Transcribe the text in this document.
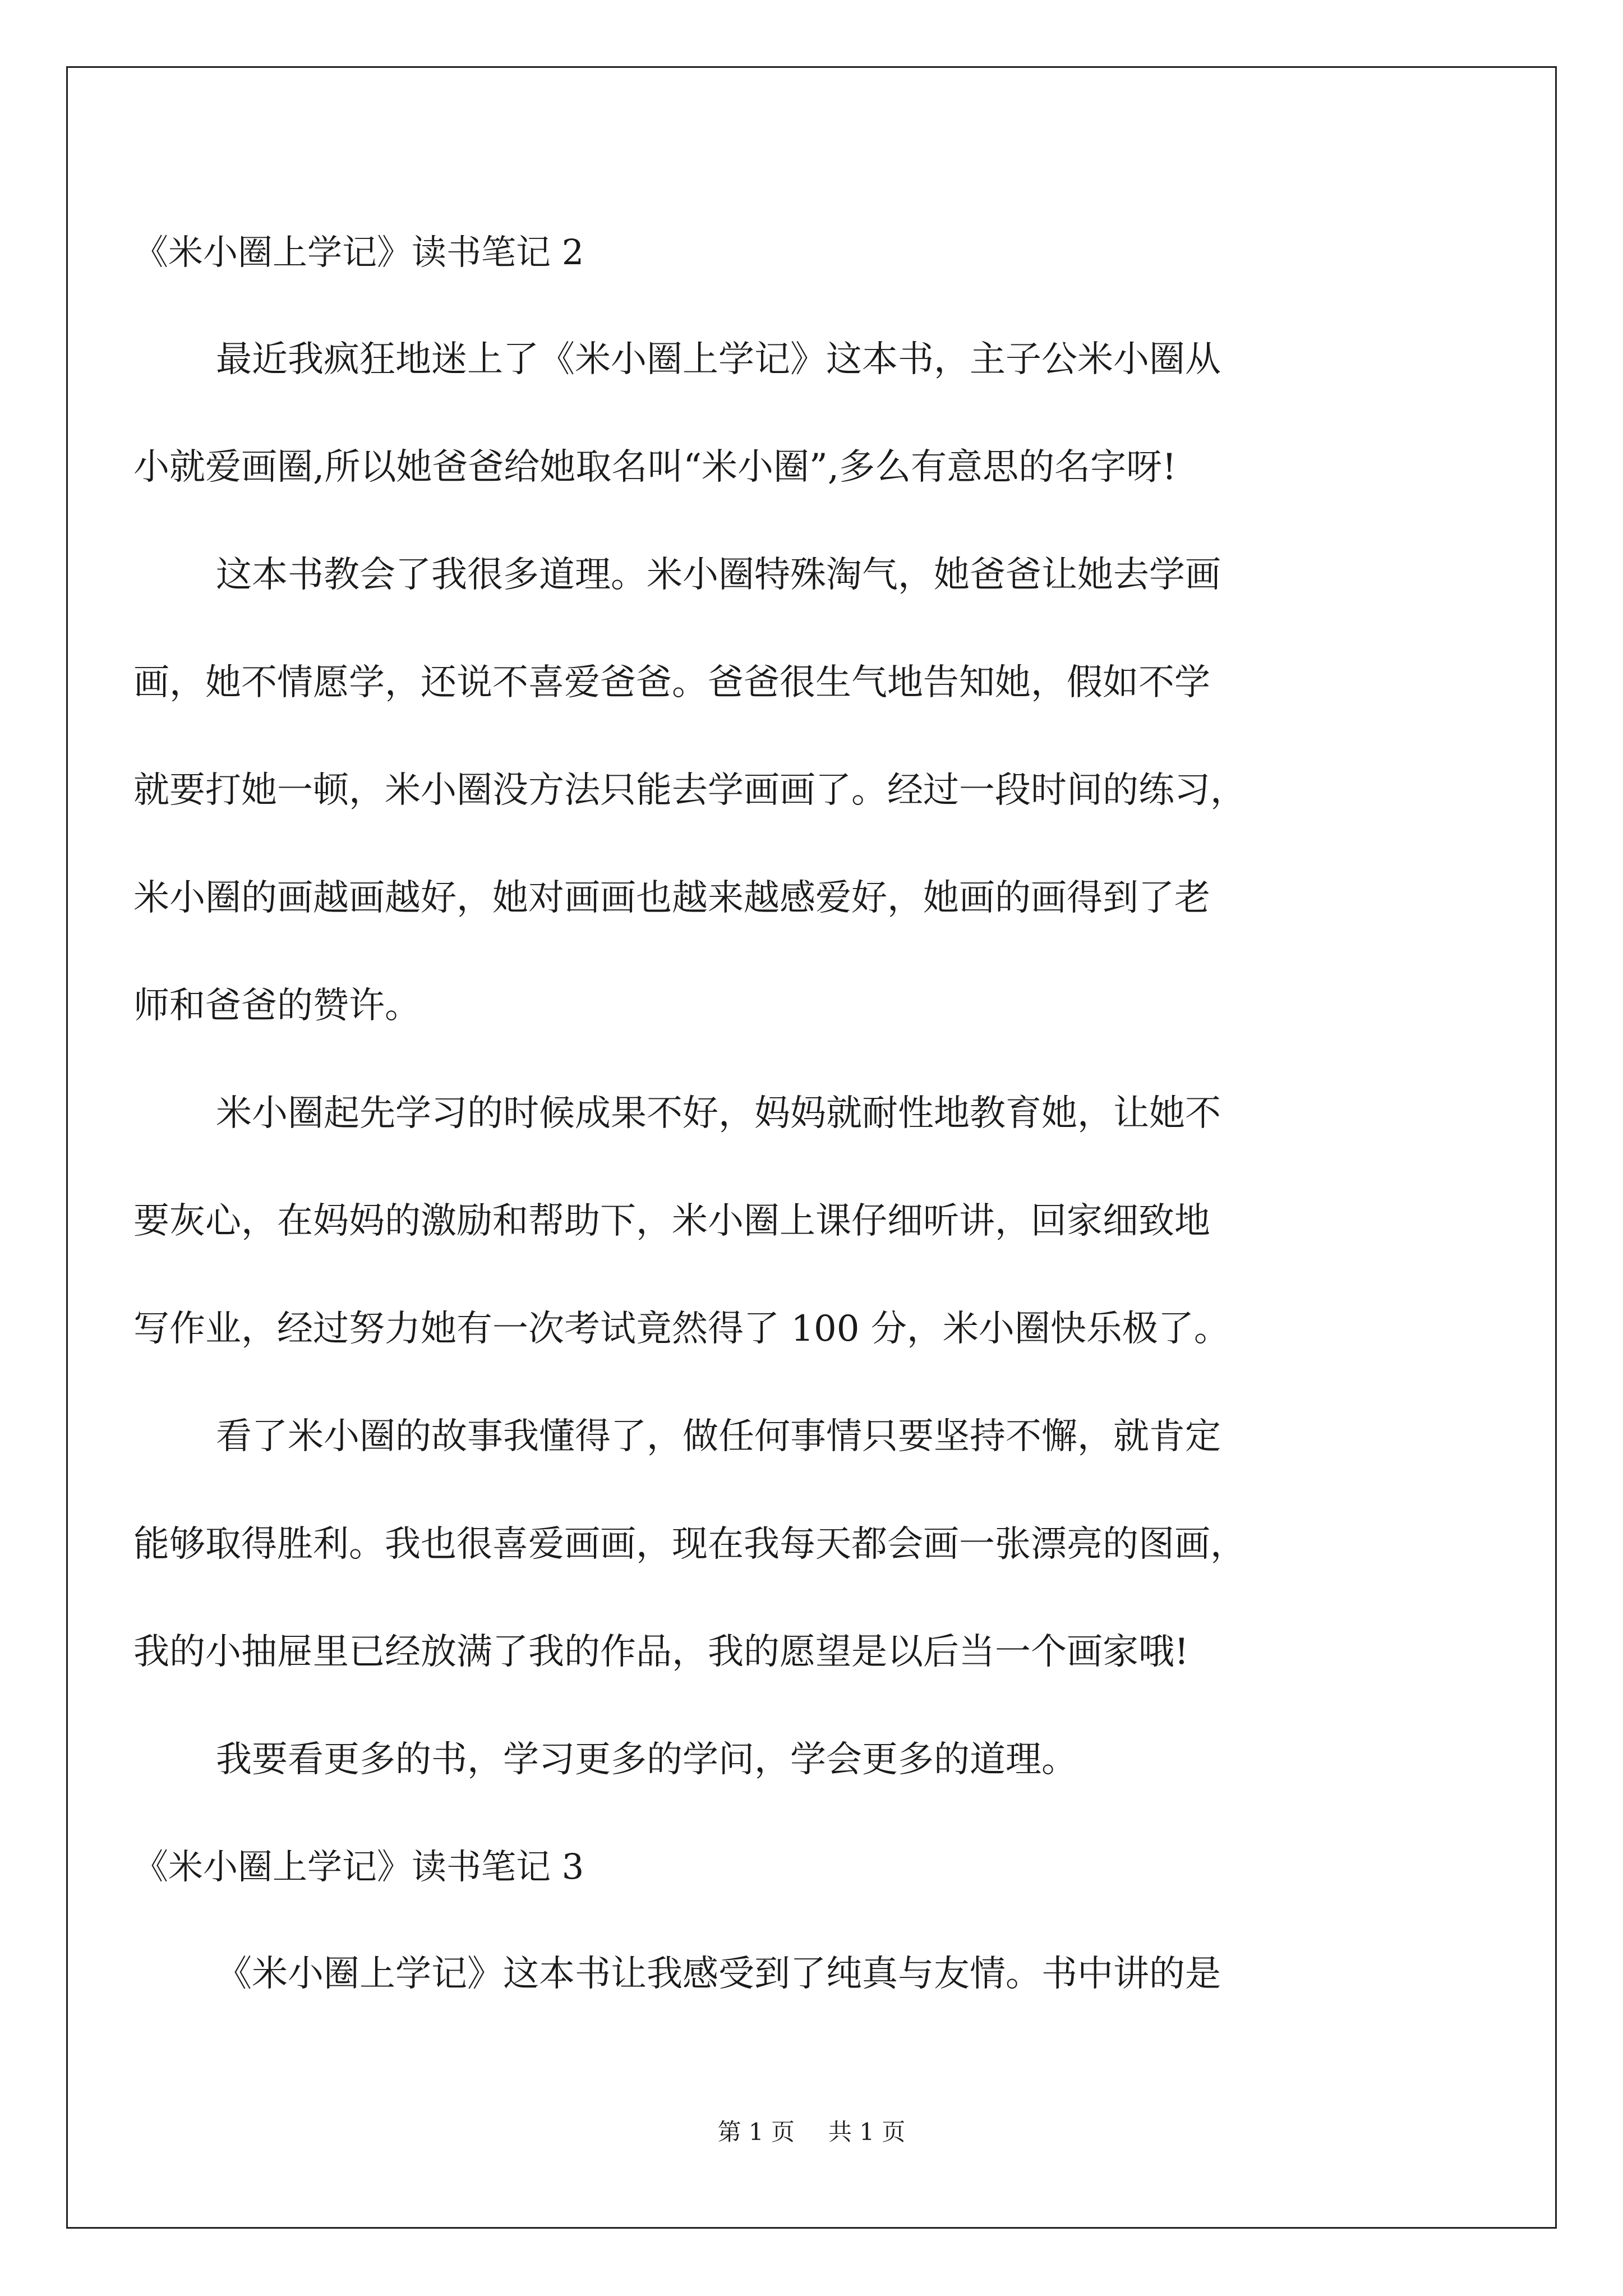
《米小圈上学记》读书笔记 2
最近我疯狂地迷上了《米小圈上学记》这本书，主子公米小圈从
小就爱画圈,所以她爸爸给她取名叫“米小圈”,多么有意思的名字呀!
这本书教会了我很多道理。米小圈特殊淘气，她爸爸让她去学画
画，她不情愿学，还说不喜爱爸爸。爸爸很生气地告知她，假如不学
就要打她一顿，米小圈没方法只能去学画画了。经过一段时间的练习，
米小圈的画越画越好，她对画画也越来越感爱好，她画的画得到了老
师和爸爸的赞许。
米小圈起先学习的时候成果不好，妈妈就耐性地教育她，让她不
要灰心，在妈妈的激励和帮助下，米小圈上课仔细听讲，回家细致地
写作业，经过努力她有一次考试竟然得了 100 分，米小圈快乐极了。
看了米小圈的故事我懂得了，做任何事情只要坚持不懈，就肯定
能够取得胜利。我也很喜爱画画，现在我每天都会画一张漂亮的图画，
我的小抽屉里已经放满了我的作品，我的愿望是以后当一个画家哦!
我要看更多的书，学习更多的学问，学会更多的道理。
《米小圈上学记》读书笔记 3
《米小圈上学记》这本书让我感受到了纯真与友情。书中讲的是
第 1 页 共 1 页
